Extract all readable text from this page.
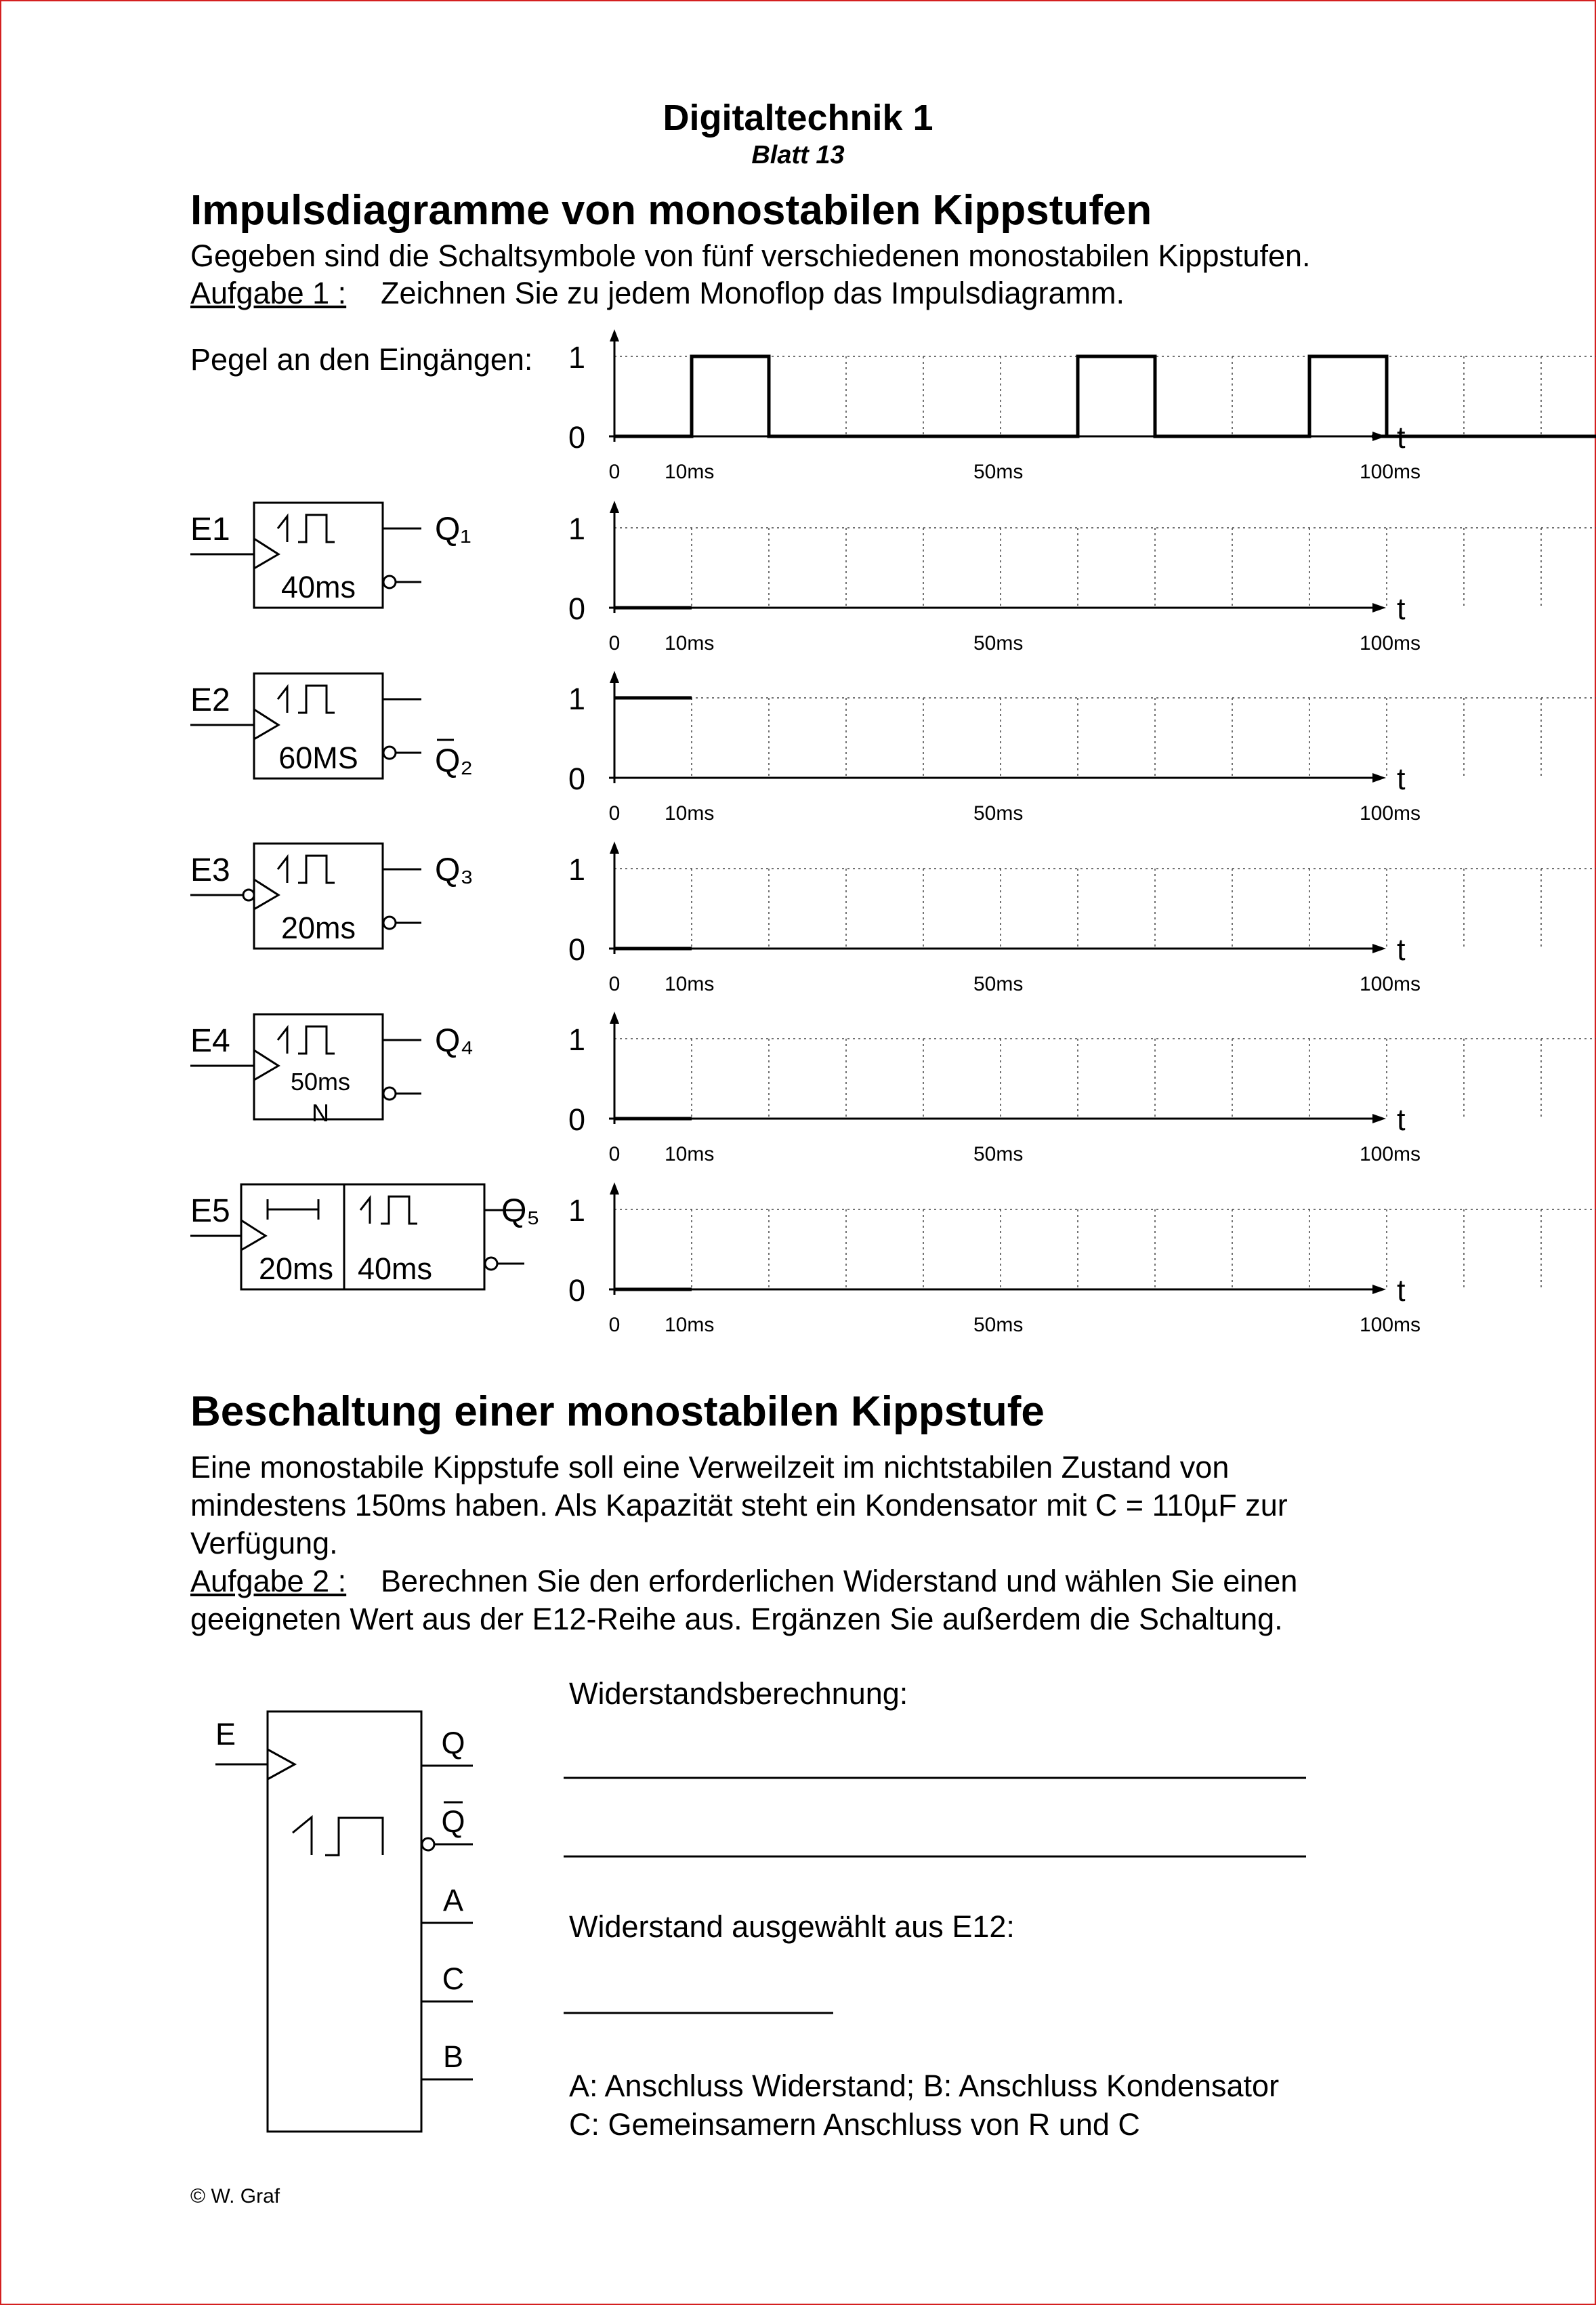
Digitaltechnik 1
Blatt 13
Impulsdiagramme von monostabilen Kippstufen
Gegeben sind die Schaltsymbole von fünf verschiedenen monostabilen Kippstufen.
Aufgabe 1 : Zeichnen Sie zu jedem Monoflop das Impulsdiagramm.
Pegel an den Eingängen: 1
0	t
0 10ms	50ms	100ms
1
0	t
0 10ms	50ms	100ms
1
0	t
0 10ms	50ms	100ms
1
0	t
0 10ms	50ms	100ms
1
0	t
0 10ms	50ms	100ms
1
0	t
0 10ms	50ms	100ms
E1
40ms
Q₁
E2
60MS Q₂
E3
20ms
Q₃
E4
50ms
N
Q₄
E5
20ms 40ms
Q₅
E	Q
Q
A
C
B
Beschaltung einer monostabilen Kippstufe
Eine monostabile Kippstufe soll eine Verweilzeit im nichtstabilen Zustand von
mindestens 150ms haben. Als Kapazität steht ein Kondensator mit C = 110µF zur
Verfügung.
Aufgabe 2 : Berechnen Sie den erforderlichen Widerstand und wählen Sie einen
geeigneten Wert aus der E12-Reihe aus. Ergänzen Sie außerdem die Schaltung.
Widerstandsberechnung:
Widerstand ausgewählt aus E12:
A: Anschluss Widerstand; B: Anschluss Kondensator
C: Gemeinsamern Anschluss von R und C
© W. Graf
